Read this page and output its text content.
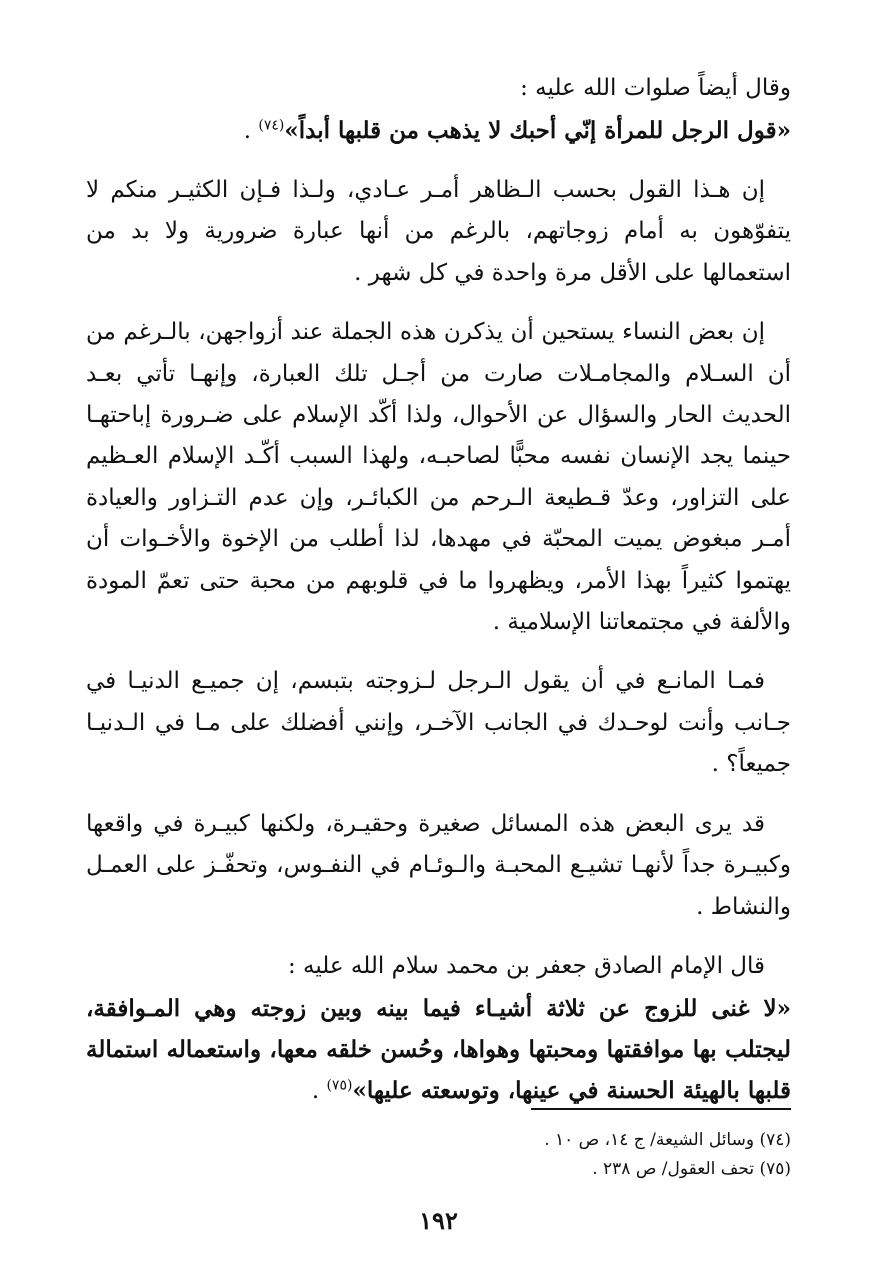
وقال أيضاً صلوات الله عليه :

«قول الرجل للمرأة إنّي أحبك لا يذهب من قلبها أبداً»$^{(٧٤)}$ .

إن هـذا القول بحسب الـظاهر أمـر عـادي، ولـذا فـإن الكثيـر منكم لا يتفوّهون به أمام زوجاتهم، بالرغم من أنها عبارة ضرورية ولا بد من استعمالها على الأقل مرة واحدة في كل شهر .

إن بعض النساء يستحين أن يذكرن هذه الجملة عند أزواجهن، بالـرغم من أن السـلام والمجامـلات صارت من أجـل تلك العبارة، وإنهـا تأتي بعـد الحديث الحار والسؤال عن الأحوال، ولذا أكّد الإسلام على ضـرورة إباحتهـا حينما يجد الإنسان نفسه محبًّا لصاحبـه، ولهذا السبب أكّـد الإسلام العـظيم على التزاور، وعدّ قـطيعة الـرحم من الكبائـر، وإن عدم التـزاور والعيادة أمـر مبغوض يميت المحبّة في مهدها، لذا أطلب من الإخوة والأخـوات أن يهتموا كثيراً بهذا الأمر، ويظهروا ما في قلوبهم من محبة حتى تعمّ المودة والألفة في مجتمعاتنا الإسلامية .

فمـا المانـع في أن يقول الـرجل لـزوجته بتبسم، إن جميـع الدنيـا في جـانب وأنت لوحـدك في الجانب الآخـر، وإنني أفضلك على مـا في الـدنيـا جميعاً؟ .

قد يرى البعض هذه المسائل صغيرة وحقيـرة، ولكنها كبيـرة في واقعها وكبيـرة جداً لأنهـا تشيـع المحبـة والـوئـام في النفـوس، وتحفّـز على العمـل والنشاط .

قال الإمام الصادق جعفر بن محمد سلام الله عليه :

«لا غنى للزوج عن ثلاثة أشيـاء فيما بينه وبين زوجته وهي المـوافقة، ليجتلب بها موافقتها ومحبتها وهواها، وحُسن خلقه معها، واستعماله استمالة قلبها بالهيئة الحسنة في عينها، وتوسعته عليها»$^{(٧٥)}$ .

(٧٤) وسائل الشيعة/ ج ١٤، ص ١٠ .

(٧٥) تحف العقول/ ص ٢٣٨ .

١٩٢
